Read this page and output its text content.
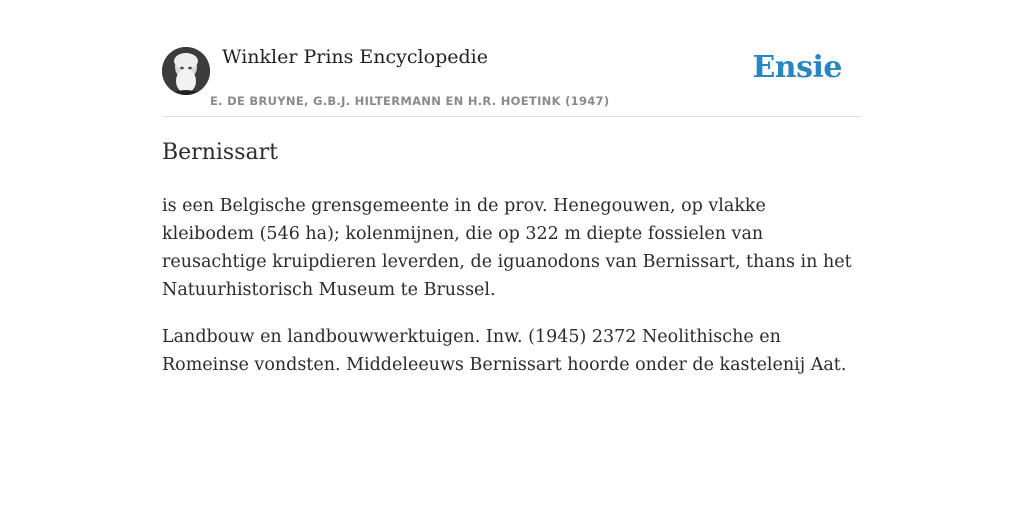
Winkler Prins Encyclopedie
E. DE BRUYNE, G.B.J. HILTERMANN EN H.R. HOETINK (1947)
Ensie
Bernissart

is een Belgische grensgemeente in de prov. Henegouwen, op vlakke kleibodem (546 ha); kolenmijnen, die op 322 m diepte fossielen van reusachtige kruipdieren leverden, de iguanodons van Bernissart, thans in het Natuurhistorisch Museum te Brussel.

Landbouw en landbouwwerktuigen. Inw. (1945) 2372 Neolithische en Romeinse vondsten. Middeleeuws Bernissart hoorde onder de kastelenij Aat.
